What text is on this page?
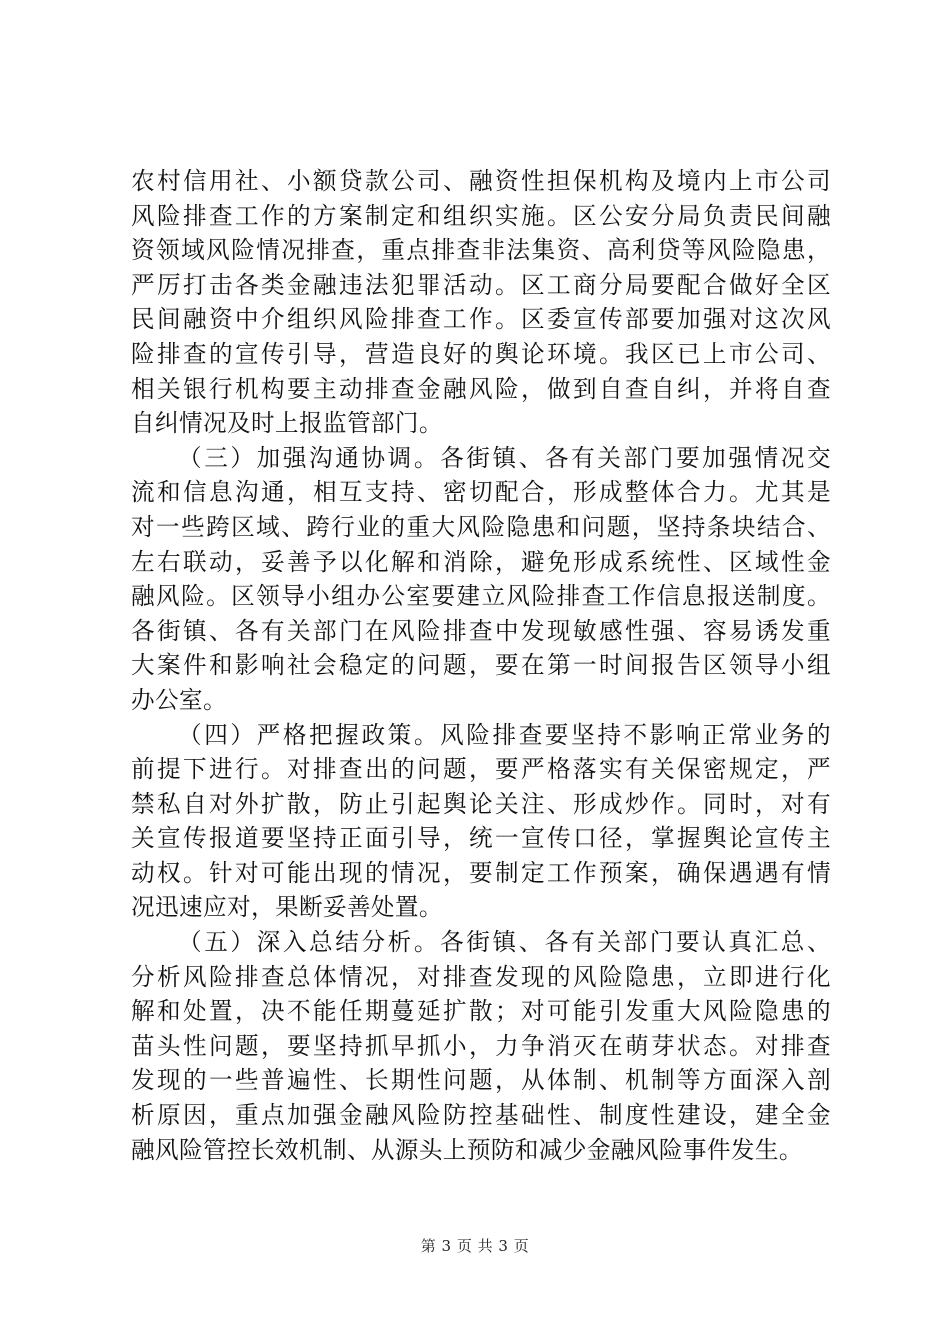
农村信用社、小额贷款公司、融资性担保机构及境内上市公司
风险排查工作的方案制定和组织实施。区公安分局负责民间融
资领域风险情况排查，重点排查非法集资、高利贷等风险隐患，
严厉打击各类金融违法犯罪活动。区工商分局要配合做好全区
民间融资中介组织风险排查工作。区委宣传部要加强对这次风
险排查的宣传引导，营造良好的舆论环境。我区已上市公司、
相关银行机构要主动排查金融风险，做到自查自纠，并将自查
自纠情况及时上报监管部门。
（三）加强沟通协调。各街镇、各有关部门要加强情况交
流和信息沟通，相互支持、密切配合，形成整体合力。尤其是
对一些跨区域、跨行业的重大风险隐患和问题，坚持条块结合、
左右联动，妥善予以化解和消除，避免形成系统性、区域性金
融风险。区领导小组办公室要建立风险排查工作信息报送制度。
各街镇、各有关部门在风险排查中发现敏感性强、容易诱发重
大案件和影响社会稳定的问题，要在第一时间报告区领导小组
办公室。
（四）严格把握政策。风险排查要坚持不影响正常业务的
前提下进行。对排查出的问题，要严格落实有关保密规定，严
禁私自对外扩散，防止引起舆论关注、形成炒作。同时，对有
关宣传报道要坚持正面引导，统一宣传口径，掌握舆论宣传主
动权。针对可能出现的情况，要制定工作预案，确保遇遇有情
况迅速应对，果断妥善处置。
（五）深入总结分析。各街镇、各有关部门要认真汇总、
分析风险排查总体情况，对排查发现的风险隐患，立即进行化
解和处置，决不能任期蔓延扩散；对可能引发重大风险隐患的
苗头性问题，要坚持抓早抓小，力争消灭在萌芽状态。对排查
发现的一些普遍性、长期性问题，从体制、机制等方面深入剖
析原因，重点加强金融风险防控基础性、制度性建设，建全金
融风险管控长效机制、从源头上预防和减少金融风险事件发生。
第 3 页 共 3 页
